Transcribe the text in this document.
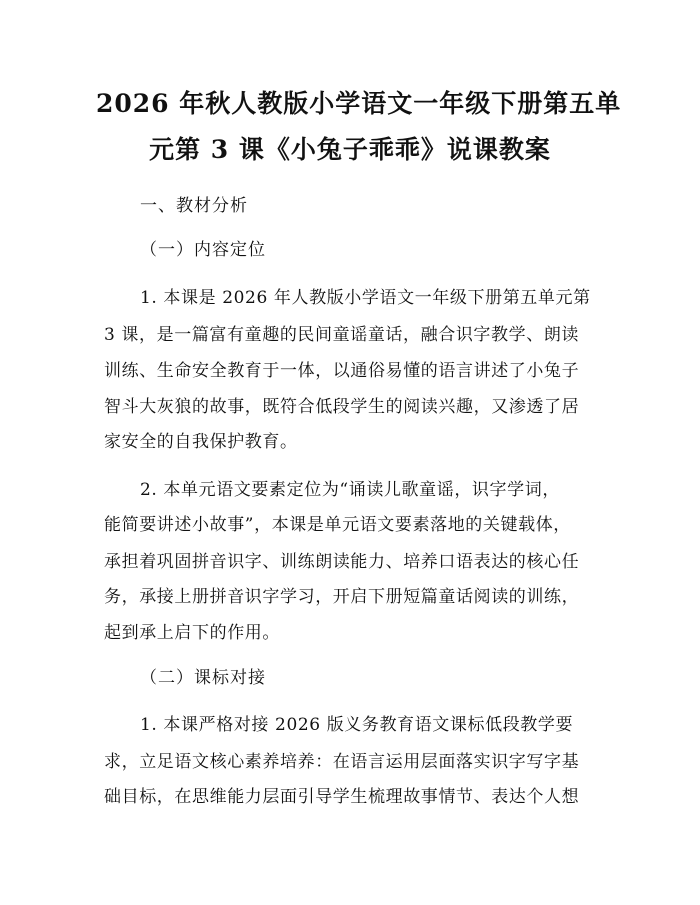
2026 年秋人教版小学语文一年级下册第五单
元第 3 课《小兔子乖乖》说课教案
一、教材分析
（一）内容定位
1. 本课是 2026 年人教版小学语文一年级下册第五单元第
3 课，是一篇富有童趣的民间童谣童话，融合识字教学、朗读
训练、生命安全教育于一体，以通俗易懂的语言讲述了小兔子
智斗大灰狼的故事，既符合低段学生的阅读兴趣，又渗透了居
家安全的自我保护教育。
2. 本单元语文要素定位为“诵读儿歌童谣，识字学词，
能简要讲述小故事”，本课是单元语文要素落地的关键载体，
承担着巩固拼音识字、训练朗读能力、培养口语表达的核心任
务，承接上册拼音识字学习，开启下册短篇童话阅读的训练，
起到承上启下的作用。
（二）课标对接
1. 本课严格对接 2026 版义务教育语文课标低段教学要
求，立足语文核心素养培养：在语言运用层面落实识字写字基
础目标，在思维能力层面引导学生梳理故事情节、表达个人想
